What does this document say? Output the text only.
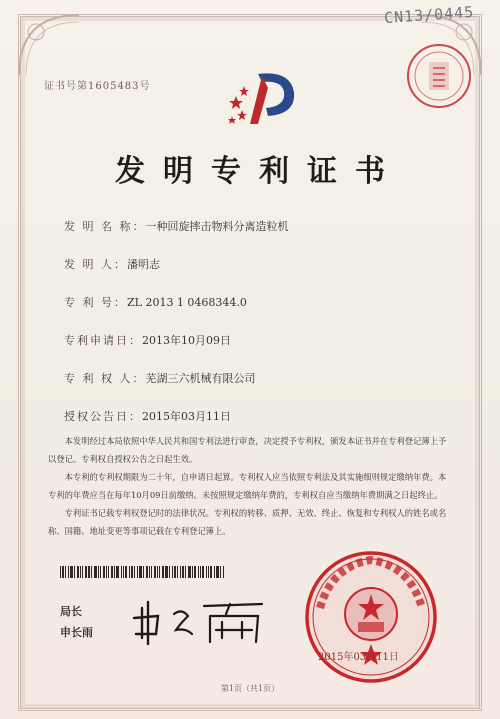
CN13/0445
证书号第1605483号
发明专利证书
发 明 名 称：一种回旋摔击物料分离造粒机
发 明 人：潘明志
专 利 号：ZL 2013 1 0468344.0
专利申请日：2013年10月09日
专 利 权 人：芜湖三六机械有限公司
授权公告日：2015年03月11日

本发明经过本局依照中华人民共和国专利法进行审查，决定授予专利权，颁发本证书并在专利登记簿上予以登记。专利权自授权公告之日起生效。

本专利的专利权期限为二十年，自申请日起算。专利权人应当依照专利法及其实施细则规定缴纳年费。本专利的年费应当在每年10月09日前缴纳。未按照规定缴纳年费的，专利权自应当缴纳年费期满之日起终止。

专利证书记载专利权登记时的法律状况。专利权的转移、质押、无效、终止、恢复和专利权人的姓名或名称、国籍、地址变更等事项记载在专利登记簿上。

局长
申长雨
2015年03月11日
第1页（共1页）
